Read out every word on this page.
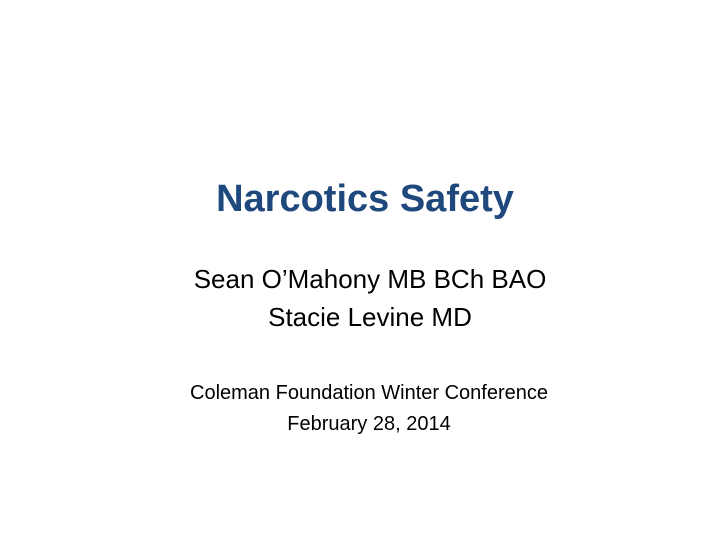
Narcotics Safety
Sean O’Mahony MB BCh BAO
Stacie Levine MD
Coleman Foundation Winter Conference
February 28, 2014
